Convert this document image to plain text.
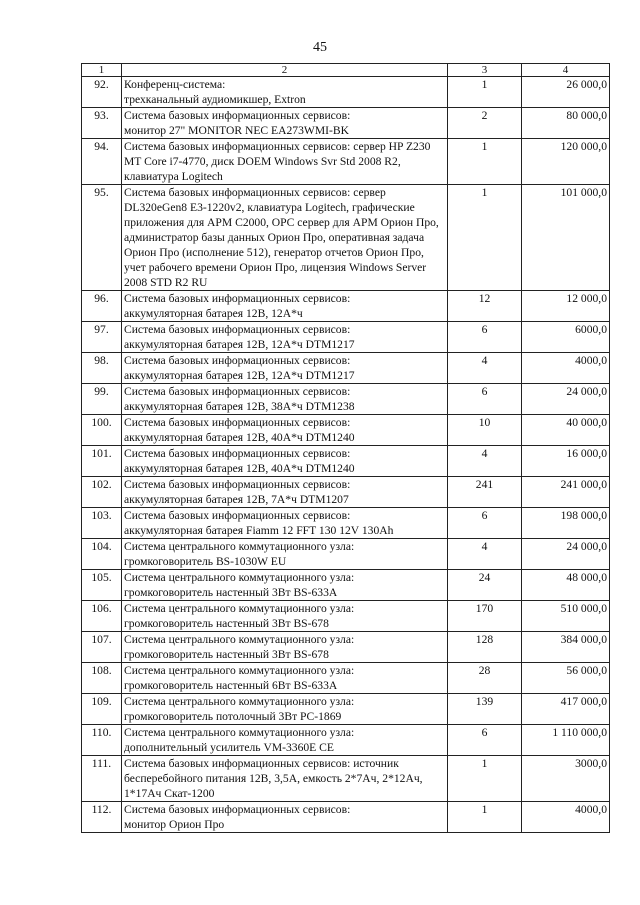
45
1	2	3	4
92.	Конференц-система:
трехканальный аудиомикшер, Extron	1	26 000,0
93.	Система базовых информационных сервисов:
монитор 27" MONITOR NEC EA273WMI-BK	2	80 000,0
94.	Система базовых информационных сервисов: сервер HP Z230 MT Core i7-4770, диск DOEM Windows Svr Std 2008 R2, клавиатура Logitech	1	120 000,0
95.	Система базовых информационных сервисов: сервер DL320eGen8 E3-1220v2, клавиатура Logitech, графические приложения для АРМ С2000, OPC сервер для АРМ Орион Про, администратор базы данных Орион Про, оперативная задача Орион Про (исполнение 512), генератор отчетов Орион Про, учет рабочего времени Орион Про, лицензия Windows Server 2008 STD R2 RU	1	101 000,0
96.	Система базовых информационных сервисов:
аккумуляторная батарея 12В, 12А*ч	12	12 000,0
97.	Система базовых информационных сервисов:
аккумуляторная батарея 12В, 12А*ч DTM1217	6	6000,0
98.	Система базовых информационных сервисов:
аккумуляторная батарея 12В, 12А*ч DTM1217	4	4000,0
99.	Система базовых информационных сервисов:
аккумуляторная батарея 12В, 38А*ч DTM1238	6	24 000,0
100.	Система базовых информационных сервисов:
аккумуляторная батарея 12В, 40А*ч DTM1240	10	40 000,0
101.	Система базовых информационных сервисов:
аккумуляторная батарея 12В, 40А*ч DTM1240	4	16 000,0
102.	Система базовых информационных сервисов:
аккумуляторная батарея 12В, 7А*ч DTM1207	241	241 000,0
103.	Система базовых информационных сервисов:
аккумуляторная батарея Fiamm 12 FFT 130 12V 130Ah	6	198 000,0
104.	Система центрального коммутационного узла:
громкоговоритель BS-1030W EU	4	24 000,0
105.	Система центрального коммутационного узла:
громкоговоритель настенный 3Вт BS-633А	24	48 000,0
106.	Система центрального коммутационного узла:
громкоговоритель настенный 3Вт BS-678	170	510 000,0
107.	Система центрального коммутационного узла:
громкоговоритель настенный 3Вт BS-678	128	384 000,0
108.	Система центрального коммутационного узла:
громкоговоритель настенный 6Вт BS-633А	28	56 000,0
109.	Система центрального коммутационного узла:
громкоговоритель потолочный 3Вт PC-1869	139	417 000,0
110.	Система центрального коммутационного узла:
дополнительный усилитель VM-3360E CE	6	1 110 000,0
111.	Система базовых информационных сервисов: источник бесперебойного питания 12В, 3,5А, емкость 2*7Ач, 2*12Ач, 1*17Ач Скат-1200	1	3000,0
112.	Система базовых информационных сервисов:
монитор Орион Про	1	4000,0
